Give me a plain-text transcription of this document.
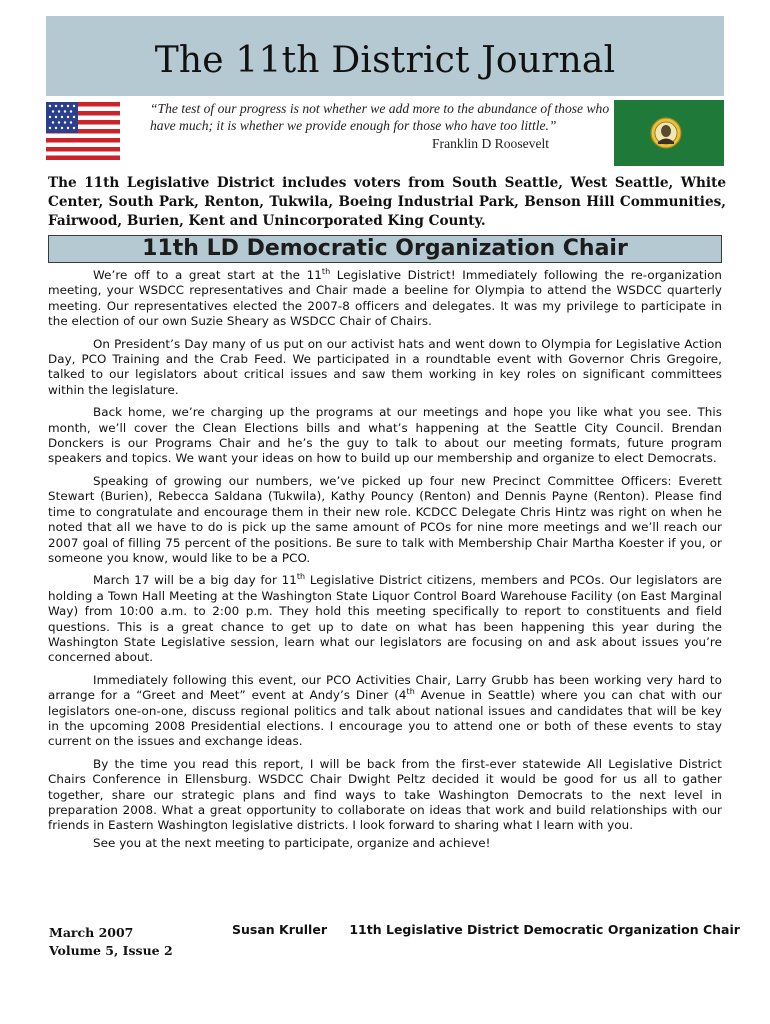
The 11th District Journal
“The test of our progress is not whether we add more to the abundance of those who have much; it is whether we provide enough for those who have too little.”
Franklin D Roosevelt
The 11th Legislative District includes voters from South Seattle, West Seattle, White Center, South Park, Renton, Tukwila, Boeing Industrial Park, Benson Hill Communities, Fairwood, Burien, Kent and Unincorporated King County.
11th LD Democratic Organization Chair

We’re off to a great start at the 11th Legislative District! Immediately following the re-organization meeting, your WSDCC representatives and Chair made a beeline for Olympia to attend the WSDCC quarterly meeting. Our representatives elected the 2007-8 officers and delegates. It was my privilege to participate in the election of our own Suzie Sheary as WSDCC Chair of Chairs.

On President’s Day many of us put on our activist hats and went down to Olympia for Legislative Action Day, PCO Training and the Crab Feed. We participated in a roundtable event with Governor Chris Gregoire, talked to our legislators about critical issues and saw them working in key roles on significant committees within the legislature.

Back home, we’re charging up the programs at our meetings and hope you like what you see. This month, we’ll cover the Clean Elections bills and what’s happening at the Seattle City Council. Brendan Donckers is our Programs Chair and he’s the guy to talk to about our meeting formats, future program speakers and topics. We want your ideas on how to build up our membership and organize to elect Democrats.

Speaking of growing our numbers, we’ve picked up four new Precinct Committee Officers: Everett Stewart (Burien), Rebecca Saldana (Tukwila), Kathy Pouncy (Renton) and Dennis Payne (Renton). Please find time to congratulate and encourage them in their new role. KCDCC Delegate Chris Hintz was right on when he noted that all we have to do is pick up the same amount of PCOs for nine more meetings and we’ll reach our 2007 goal of filling 75 percent of the positions. Be sure to talk with Membership Chair Martha Koester if you, or someone you know, would like to be a PCO.

March 17 will be a big day for 11th Legislative District citizens, members and PCOs. Our legislators are holding a Town Hall Meeting at the Washington State Liquor Control Board Warehouse Facility (on East Marginal Way) from 10:00 a.m. to 2:00 p.m. They hold this meeting specifically to report to constituents and field questions. This is a great chance to get up to date on what has been happening this year during the Washington State Legislative session, learn what our legislators are focusing on and ask about issues you’re concerned about.

Immediately following this event, our PCO Activities Chair, Larry Grubb has been working very hard to arrange for a “Greet and Meet” event at Andy’s Diner (4th Avenue in Seattle) where you can chat with our legislators one-on-one, discuss regional politics and talk about national issues and candidates that will be key in the upcoming 2008 Presidential elections. I encourage you to attend one or both of these events to stay current on the issues and exchange ideas.

By the time you read this report, I will be back from the first-ever statewide All Legislative District Chairs Conference in Ellensburg. WSDCC Chair Dwight Peltz decided it would be good for us all to gather together, share our strategic plans and find ways to take Washington Democrats to the next level in preparation 2008. What a great opportunity to collaborate on ideas that work and build relationships with our friends in Eastern Washington legislative districts. I look forward to sharing what I learn with you.

See you at the next meeting to participate, organize and achieve!

March 2007
Volume 5, Issue 2
Susan Kruller 11th Legislative District Democratic Organization Chair
